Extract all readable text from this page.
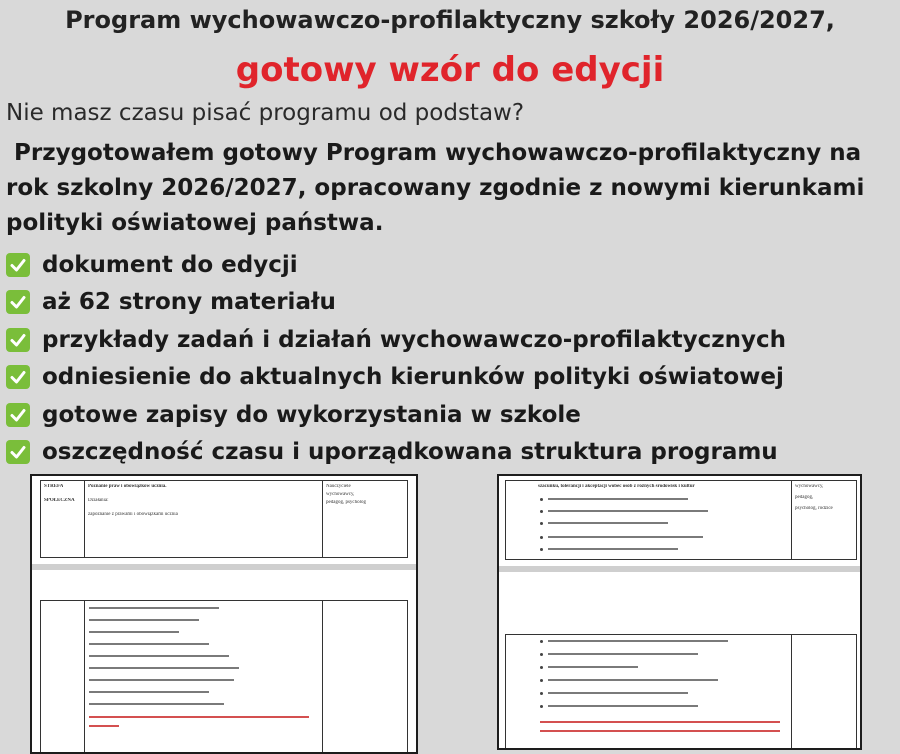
Program wychowawczo-profilaktyczny szkoły 2026/2027,
gotowy wzór do edycji
Nie masz czasu pisać programu od podstaw?
Przygotowałem gotowy Program wychowawczo-profilaktyczny na
rok szkolny 2026/2027, opracowany zgodnie z nowymi kierunkami
polityki oświatowej państwa.
dokument do edycji
aż 62 strony materiału
przykłady zadań i działań wychowawczo-profilaktycznych
odniesienie do aktualnych kierunków polityki oświatowej
gotowe zapisy do wykorzystania w szkole
oszczędność czasu i uporządkowana struktura programu
STREFA
SPOŁECZNA
Poznanie praw i obowiązków ucznia.
Działania:
zapoznanie z prawami i obowiązkami ucznia
Nauczyciele
wychowawcy,
pedagog, psycholog
szacunku, tolerancji i akceptacji wobec osób z różnych środowisk i kultur	wychowawcy,
pedagog,
psycholog, rodzice
